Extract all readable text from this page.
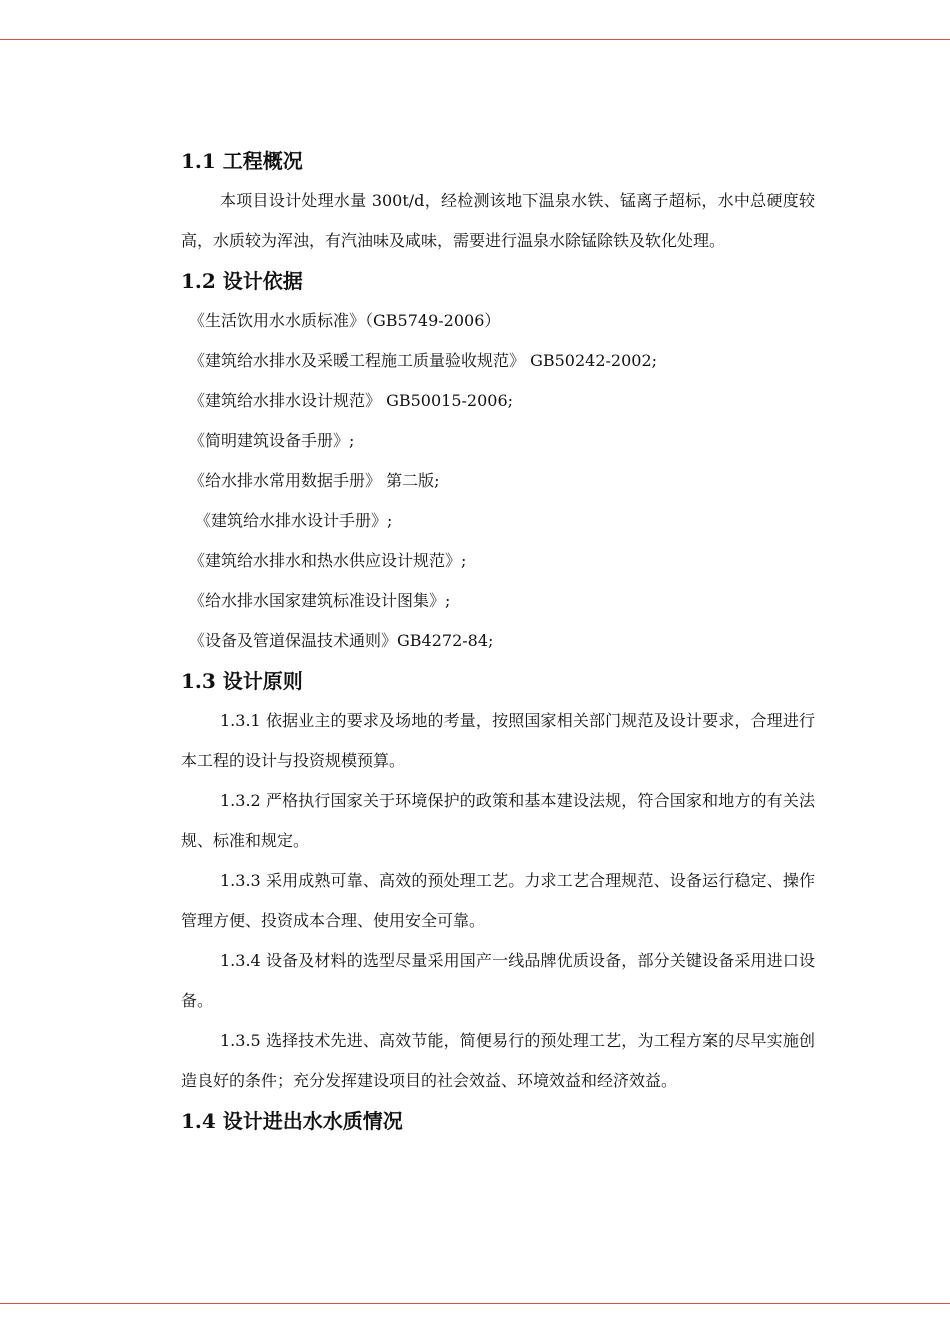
1.1 工程概况

本项目设计处理水量 300t/d，经检测该地下温泉水铁、锰离子超标，水中总硬度较高，水质较为浑浊，有汽油味及咸味，需要进行温泉水除锰除铁及软化处理。

1.2 设计依据

《生活饮用水水质标准》（GB5749-2006）

《建筑给水排水及采暖工程施工质量验收规范》 GB50242-2002;

《建筑给水排水设计规范》 GB50015-2006;

《简明建筑设备手册》;

《给水排水常用数据手册》 第二版;

《建筑给水排水设计手册》;

《建筑给水排水和热水供应设计规范》;

《给水排水国家建筑标准设计图集》;

《设备及管道保温技术通则》GB4272-84;

1.3 设计原则

1.3.1 依据业主的要求及场地的考量，按照国家相关部门规范及设计要求，合理进行本工程的设计与投资规模预算。

1.3.2 严格执行国家关于环境保护的政策和基本建设法规，符合国家和地方的有关法规、标准和规定。

1.3.3 采用成熟可靠、高效的预处理工艺。力求工艺合理规范、设备运行稳定、操作管理方便、投资成本合理、使用安全可靠。

1.3.4 设备及材料的选型尽量采用国产一线品牌优质设备，部分关键设备采用进口设备。

1.3.5 选择技术先进、高效节能，简便易行的预处理工艺，为工程方案的尽早实施创造良好的条件；充分发挥建设项目的社会效益、环境效益和经济效益。

1.4 设计进出水水质情况
